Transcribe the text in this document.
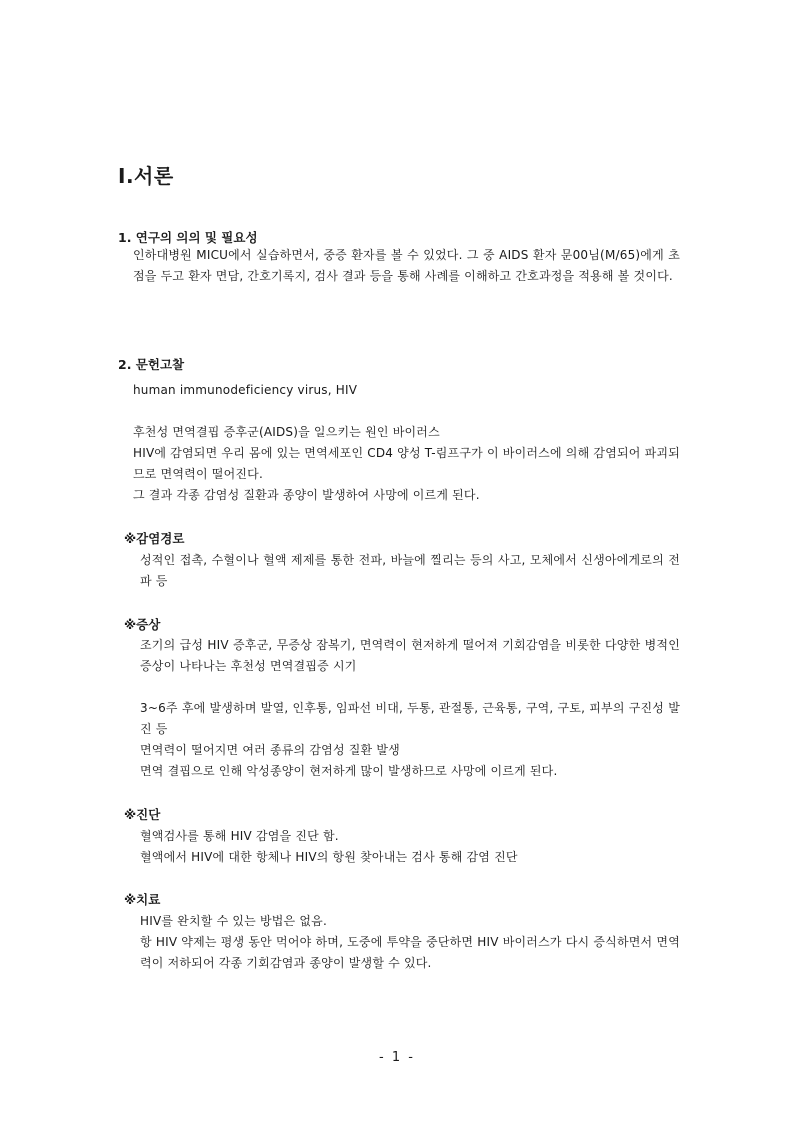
Ⅰ.서론
1. 연구의 의의 및 필요성

인하대병원 MICU에서 실습하면서, 중증 환자를 볼 수 있었다. 그 중 AIDS 환자 문00님(M/65)에게 초점을 두고 환자 면담, 간호기록지, 검사 결과 등을 통해 사례를 이해하고 간호과정을 적용해 볼 것이다.

2. 문헌고찰

human immunodeficiency virus, HIV

후천성 면역결핍 증후군(AIDS)을 일으키는 원인 바이러스

HIV에 감염되면 우리 몸에 있는 면역세포인 CD4 양성 T-림프구가 이 바이러스에 의해 감염되어 파괴되므로 면역력이 떨어진다.

그 결과 각종 감염성 질환과 종양이 발생하여 사망에 이르게 된다.

※감염경로

성적인 접촉, 수혈이나 혈액 제제를 통한 전파, 바늘에 찔리는 등의 사고, 모체에서 신생아에게로의 전파 등

※증상

조기의 급성 HIV 증후군, 무증상 잠복기, 면역력이 현저하게 떨어져 기회감염을 비롯한 다양한 병적인 증상이 나타나는 후천성 면역결핍증 시기

3~6주 후에 발생하며 발열, 인후통, 임파선 비대, 두통, 관절통, 근육통, 구역, 구토, 피부의 구진성 발진 등

면역력이 떨어지면 여러 종류의 감염성 질환 발생

면역 결핍으로 인해 악성종양이 현저하게 많이 발생하므로 사망에 이르게 된다.

※진단

혈액검사를 통해 HIV 감염을 진단 함.

혈액에서 HIV에 대한 항체나 HIV의 항원 찾아내는 검사 통해 감염 진단

※치료

HIV를 완치할 수 있는 방법은 없음.

항 HIV 약제는 평생 동안 먹어야 하며, 도중에 투약을 중단하면 HIV 바이러스가 다시 증식하면서 면역력이 저하되어 각종 기회감염과 종양이 발생할 수 있다.

- 1 -
